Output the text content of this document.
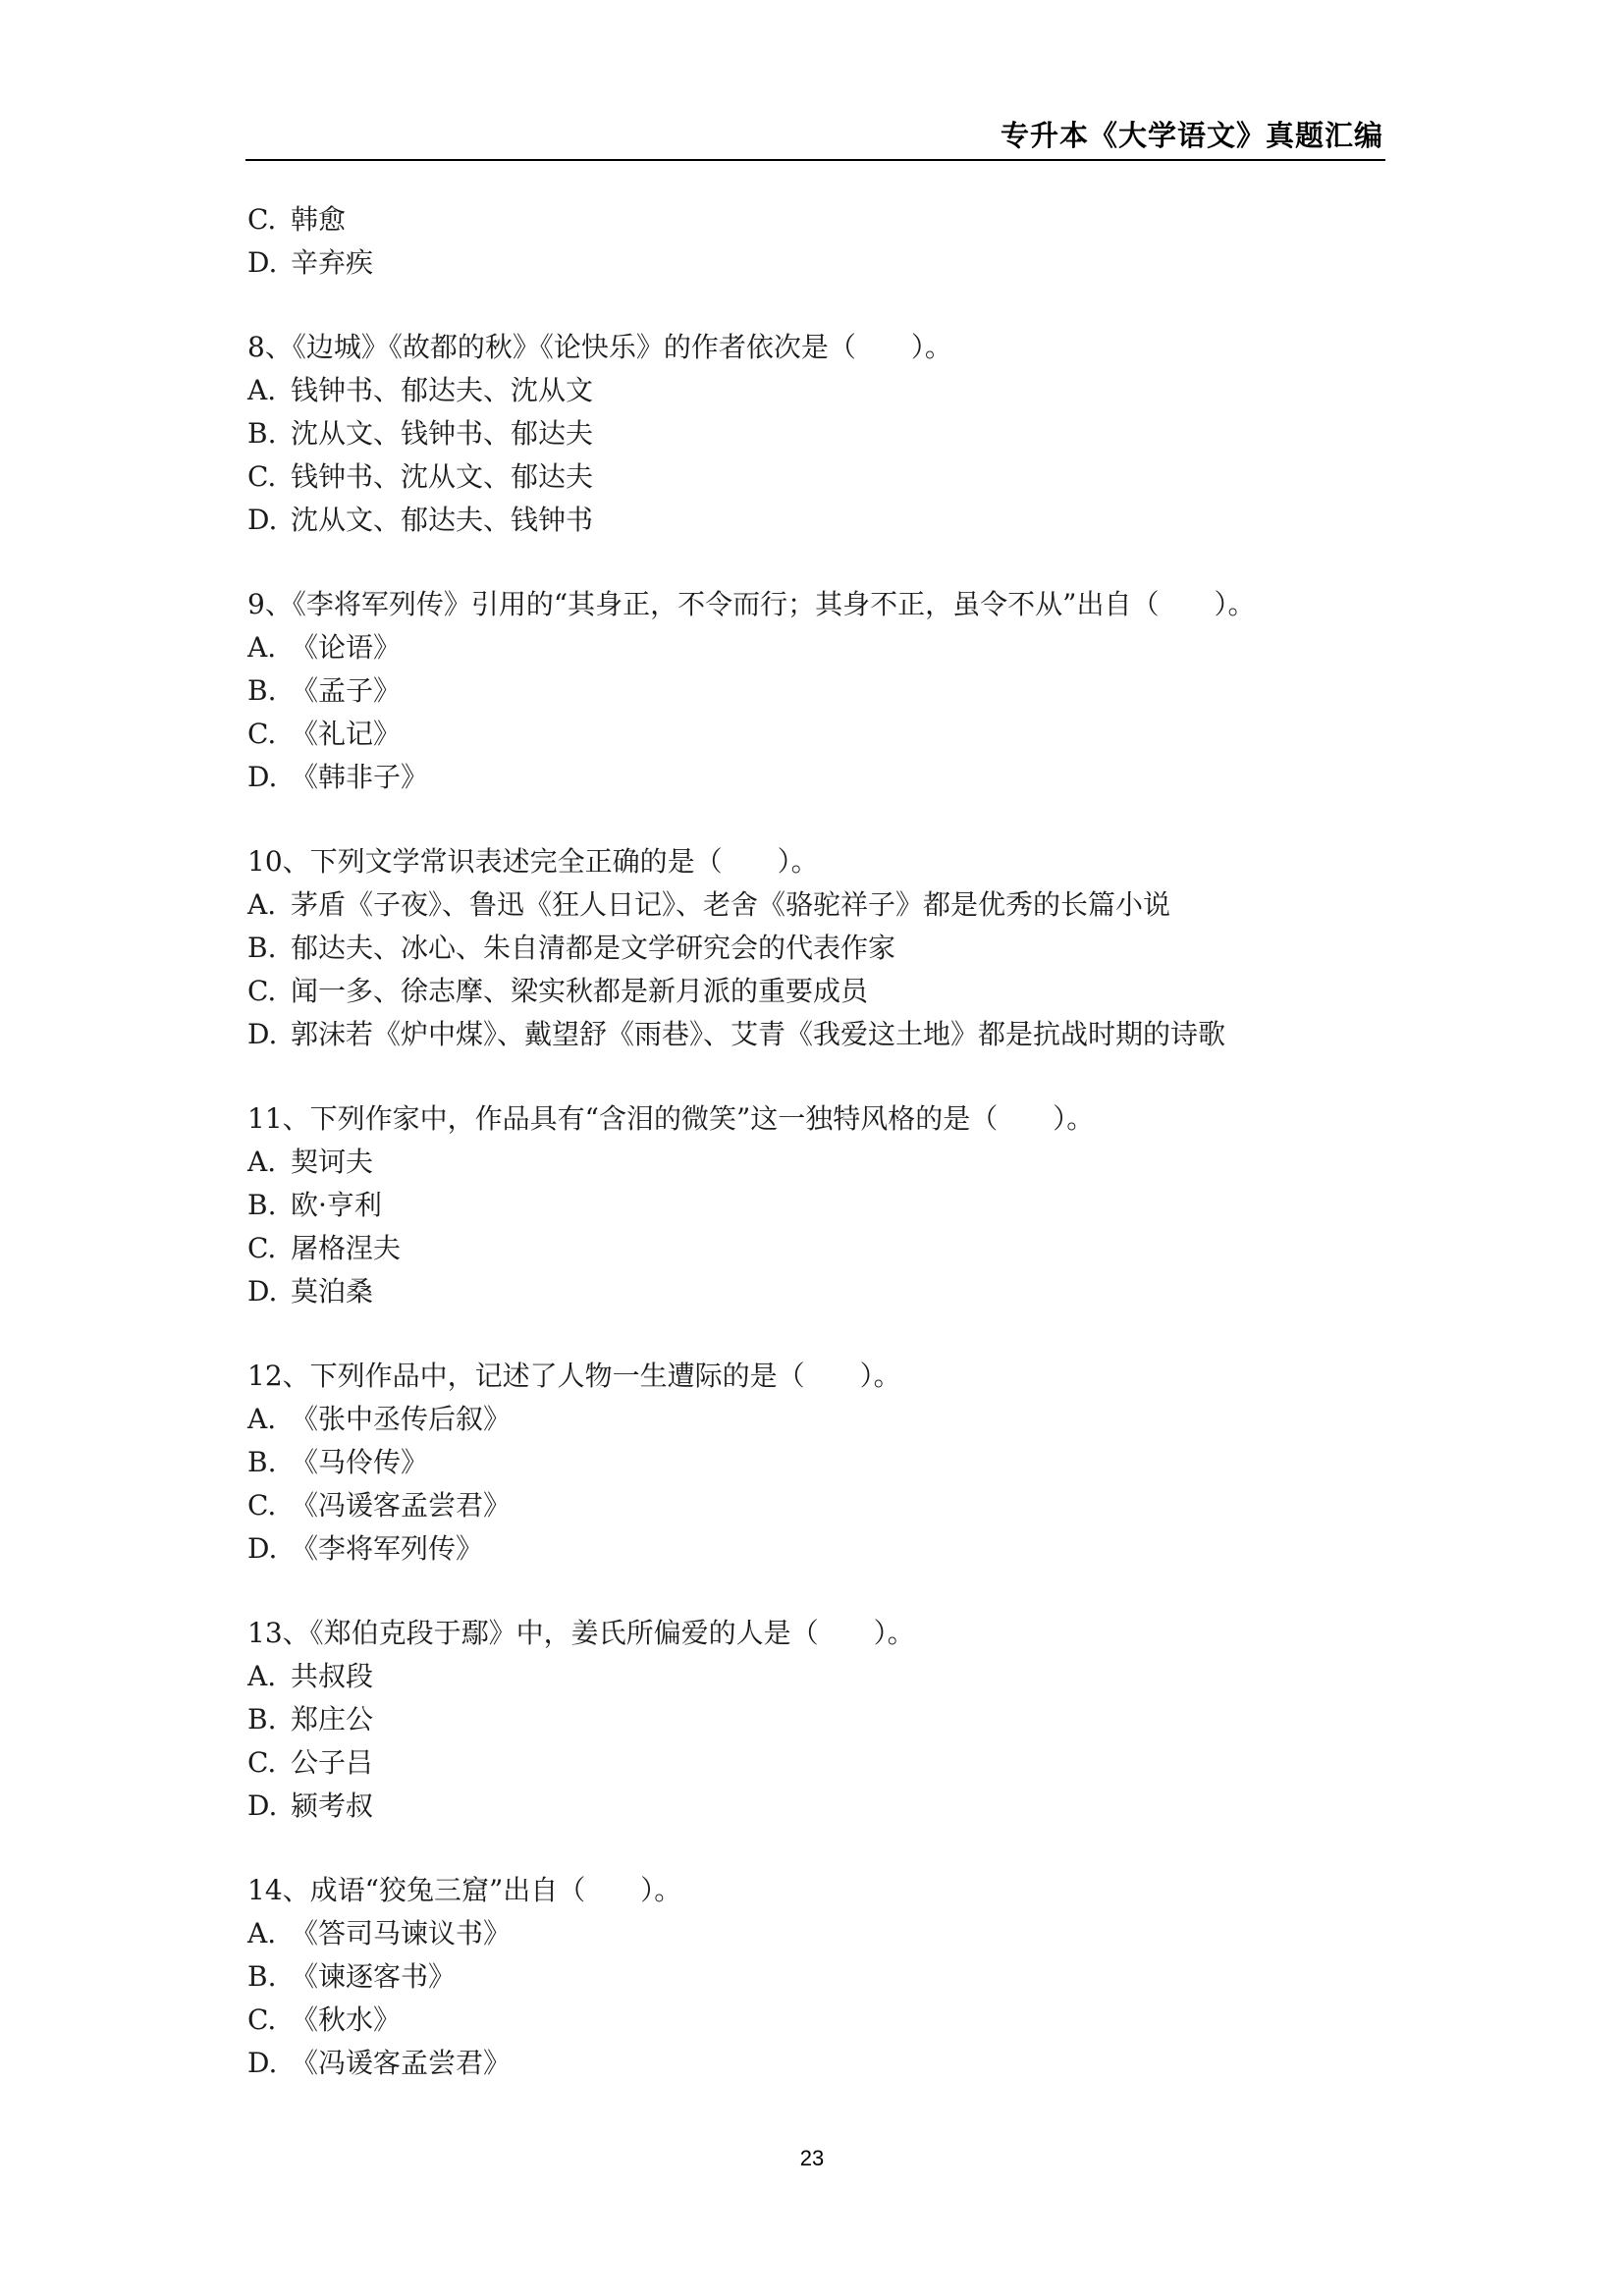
专升本《大学语文》真题汇编
C. 韩愈
D. 辛弃疾
8、《边城》《故都的秋》《论快乐》的作者依次是（　　）。
A. 钱钟书、郁达夫、沈从文
B. 沈从文、钱钟书、郁达夫
C. 钱钟书、沈从文、郁达夫
D. 沈从文、郁达夫、钱钟书
9、《李将军列传》引用的“其身正，不令而行；其身不正，虽令不从”出自（　　）。
A. 《论语》
B. 《孟子》
C. 《礼记》
D. 《韩非子》
10、下列文学常识表述完全正确的是（　　）。
A. 茅盾《子夜》、鲁迅《狂人日记》、老舍《骆驼祥子》都是优秀的长篇小说
B. 郁达夫、冰心、朱自清都是文学研究会的代表作家
C. 闻一多、徐志摩、梁实秋都是新月派的重要成员
D. 郭沫若《炉中煤》、戴望舒《雨巷》、艾青《我爱这土地》都是抗战时期的诗歌
11、下列作家中，作品具有“含泪的微笑”这一独特风格的是（　　）。
A. 契诃夫
B. 欧·亨利
C. 屠格涅夫
D. 莫泊桑
12、下列作品中，记述了人物一生遭际的是（　　）。
A. 《张中丞传后叙》
B. 《马伶传》
C. 《冯谖客孟尝君》
D. 《李将军列传》
13、《郑伯克段于鄢》中，姜氏所偏爱的人是（　　）。
A. 共叔段
B. 郑庄公
C. 公子吕
D. 颍考叔
14、成语“狡兔三窟”出自（　　）。
A. 《答司马谏议书》
B. 《谏逐客书》
C. 《秋水》
D. 《冯谖客孟尝君》
23
